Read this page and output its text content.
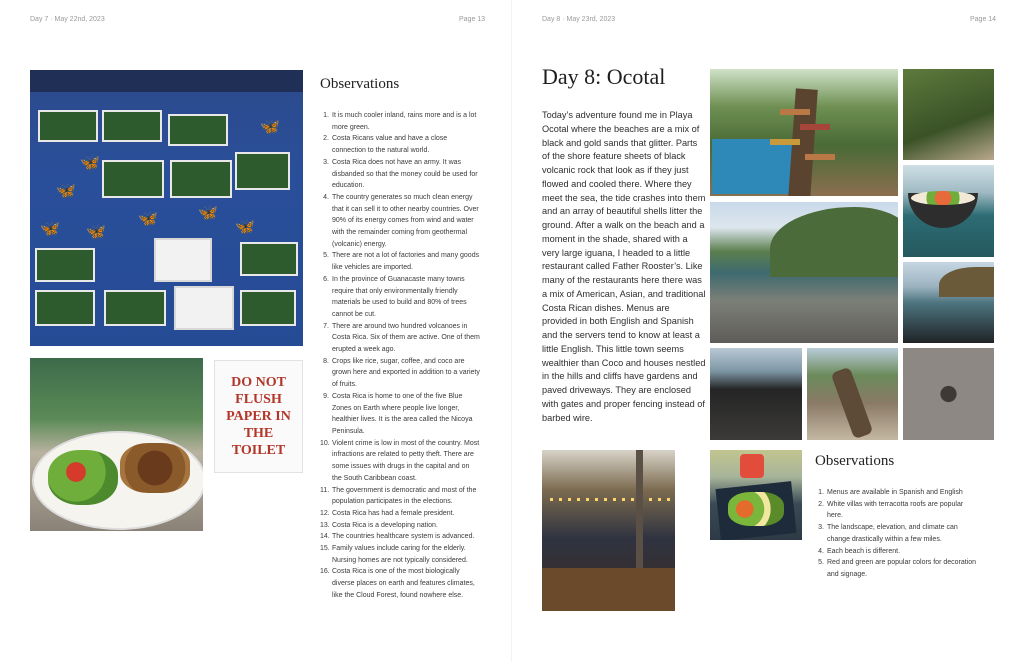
Day 7 · May 22nd, 2023	Page 13
🦋
🦋
🦋 🦋
🦋	🦋
🦋
🦋
DO NOT FLUSH PAPER IN THE TOILET
Observations
1. It is much cooler inland, rains more and is a lot more green.
2. Costa Ricans value and have a close connection to the natural world.
3. Costa Rica does not have an army. It was disbanded so that the money could be used for education.
4. The country generates so much clean energy that it can sell it to other nearby countries. Over 90% of its energy comes from wind and water with the remainder coming from geothermal (volcanic) energy.
5. There are not a lot of factories and many goods like vehicles are imported.
6. In the province of Guanacaste many towns require that only environmentally friendly materials be used to build and 80% of trees cannot be cut.
7. There are around two hundred volcanoes in Costa Rica. Six of them are active. One of them erupted a week ago.
8. Crops like rice, sugar, coffee, and coco are grown here and exported in addition to a variety of fruits.
9. Costa Rica is home to one of the five Blue Zones on Earth where people live longer, healthier lives. It is the area called the Nicoya Peninsula.
10. Violent crime is low in most of the country. Most infractions are related to petty theft. There are some issues with drugs in the capital and on the South Caribbean coast.
11. The government is democratic and most of the population participates in the elections.
12. Costa Rica has had a female president.
13. Costa Rica is a developing nation.
14. The countries healthcare system is advanced.
15. Family values include caring for the elderly. Nursing homes are not typically considered.
16. Costa Rica is one of the most biologically diverse places on earth and features climates, like the Cloud Forest, found nowhere else.
Day 8 · May 23rd, 2023	Page 14
Day 8: Ocotal
Today’s adventure found me in Playa Ocotal where the beaches are a mix of black and gold sands that glitter. Parts of the shore feature sheets of black volcanic rock that look as if they just flowed and cooled there. Where they meet the sea, the tide crashes into them and an array of beautiful shells litter the ground. After a walk on the beach and a moment in the shade, shared with a very large iguana, I headed to a little restaurant called Father Rooster’s. Like many of the restaurants here there was a mix of American, Asian, and traditional Costa Rican dishes. Menus are provided in both English and Spanish and the servers tend to know at least a little English. This little town seems wealthier than Coco and houses nestled in the hills and cliffs have gardens and paved driveways. They are enclosed with gates and proper fencing instead of barbed wire.
Observations
1. Menus are available in Spanish and English
2. White villas with terracotta roofs are popular here.
3. The landscape, elevation, and climate can change drastically within a few miles.
4. Each beach is different.
5. Red and green are popular colors for decoration and signage.
